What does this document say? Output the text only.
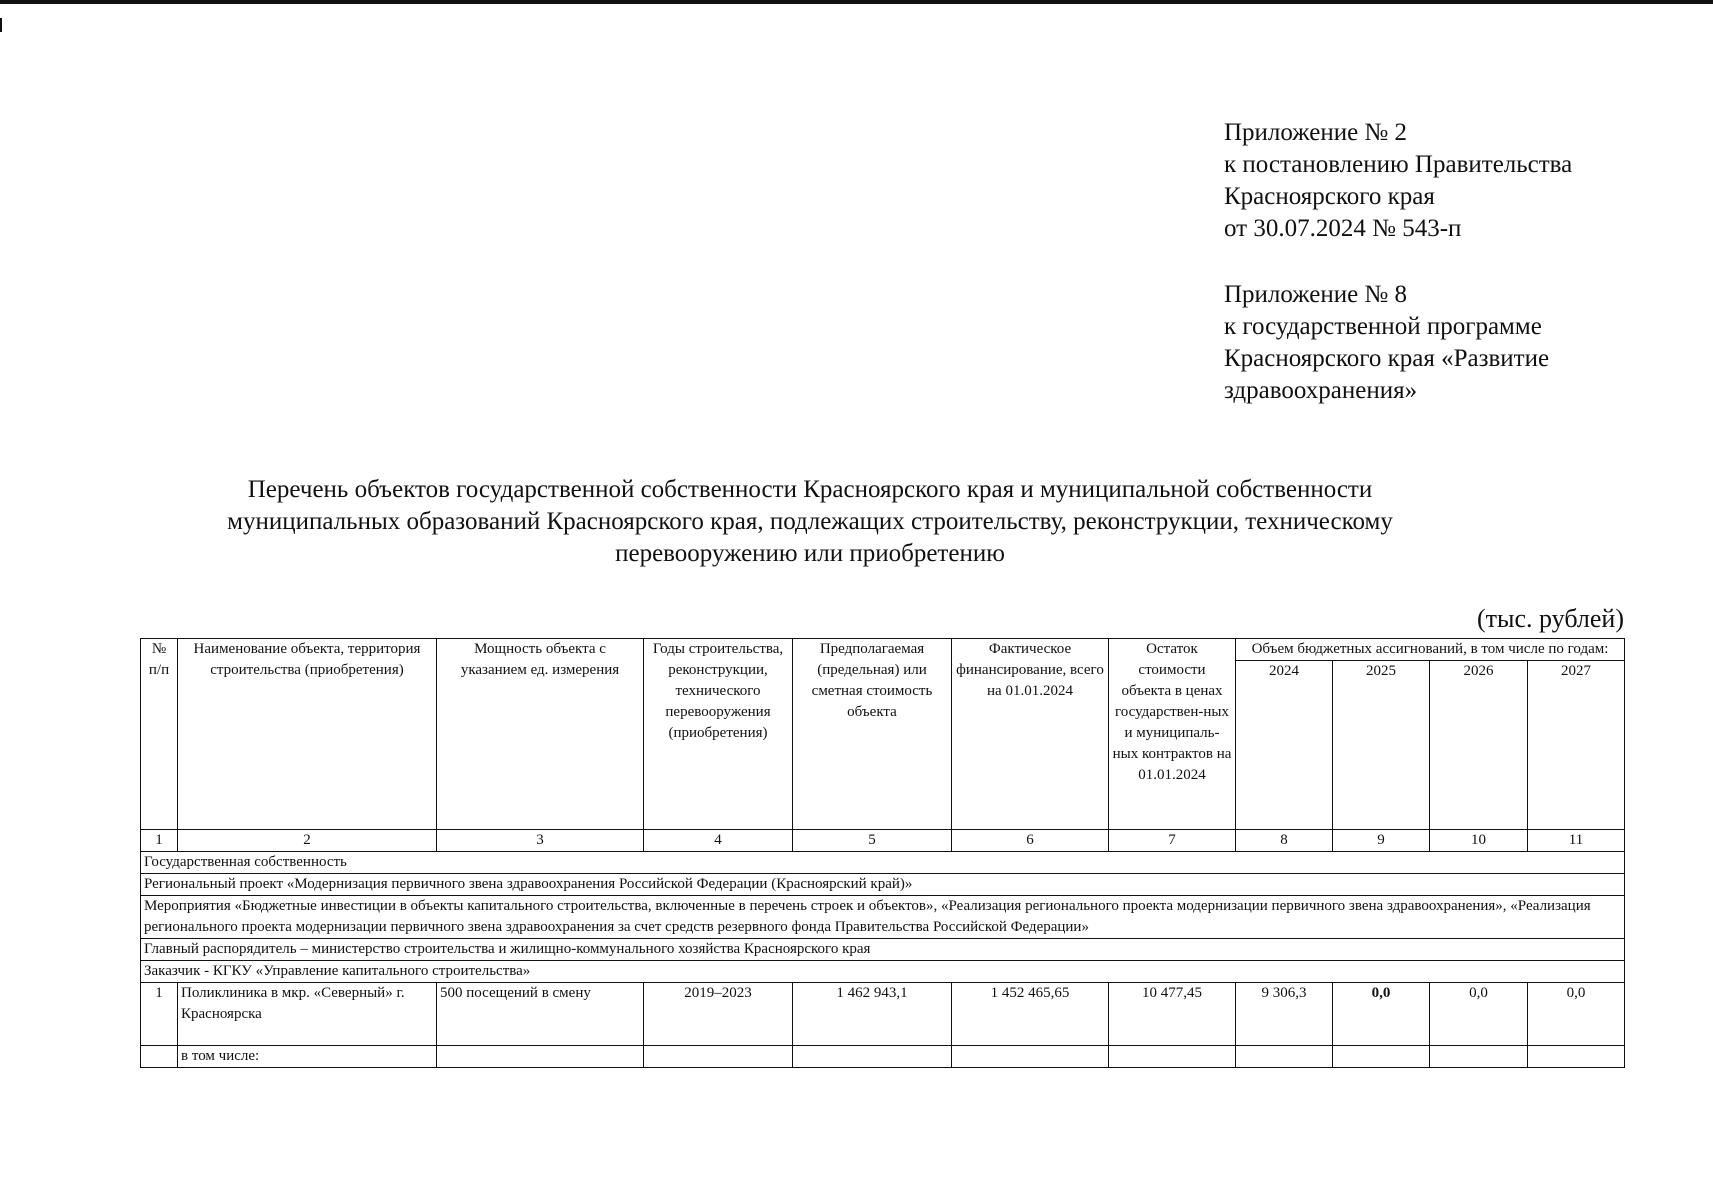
Приложение № 2
к постановлению Правительства
Красноярского края
от 30.07.2024 № 543-п
Приложение № 8
к государственной программе
Красноярского края «Развитие
здравоохранения»
Перечень объектов государственной собственности Красноярского края и муниципальной собственности
муниципальных образований Красноярского края, подлежащих строительству, реконструкции, техническому
перевооружению или приобретению
(тыс. рублей)
№ п/п	Наименование объекта, территория строительства (приобретения)	Мощность объекта с указанием ед. измерения	Годы строительства, реконструкции, технического перевооружения (приобретения)	Предполагаемая (предельная) или сметная стоимость объекта	Фактическое финансирование, всего на 01.01.2024	Остаток стоимости объекта в ценах государствен-ных и муниципаль-ных контрактов на 01.01.2024	Объем бюджетных ассигнований, в том числе по годам:			
							2024	2025	2026	2027
1	2	3	4	5	6	7	8	9	10	11
Государственная собственность										
Региональный проект «Модернизация первичного звена здравоохранения Российской Федерации (Красноярский край)»										
Мероприятия «Бюджетные инвестиции в объекты капитального строительства, включенные в перечень строек и объектов», «Реализация регионального проекта модернизации первичного звена здравоохранения», «Реализация регионального проекта модернизации первичного звена здравоохранения за счет средств резервного фонда Правительства Российской Федерации»										
Главный распорядитель – министерство строительства и жилищно-коммунального хозяйства Красноярского края										
Заказчик - КГКУ «Управление капитального строительства»										
1	Поликлиника в мкр. «Северный» г. Красноярска	500 посещений в смену	2019–2023	1 462 943,1	1 452 465,65	10 477,45	9 306,3	0,0	0,0	0,0
	в том числе:									
